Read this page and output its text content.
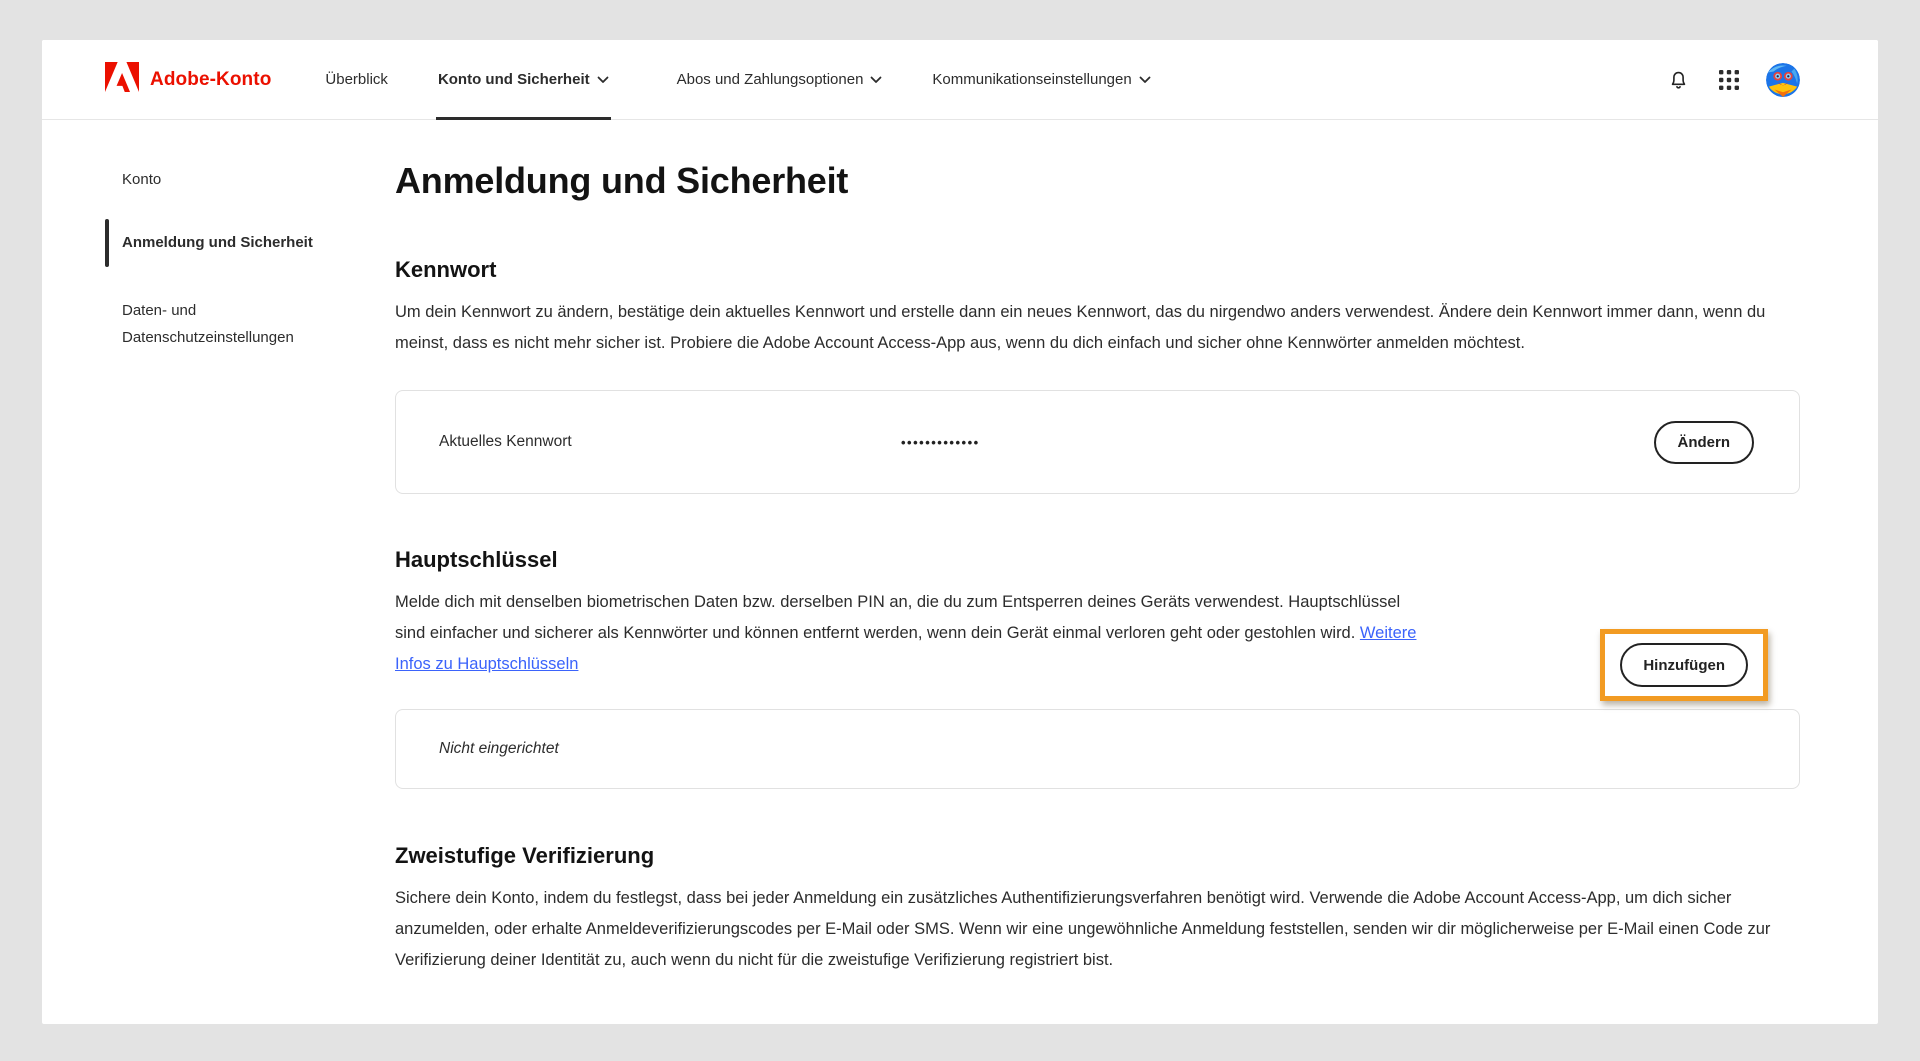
Adobe-Konto	Überblick	Konto und Sicherheit	Abos und Zahlungsoptionen	Kommunikationseinstellungen
Konto
Anmeldung und Sicherheit
Daten- und Datenschutzeinstellungen
Anmeldung und Sicherheit
Kennwort

Um dein Kennwort zu ändern, bestätige dein aktuelles Kennwort und erstelle dann ein neues Kennwort, das du nirgendwo anders verwendest. Ändere dein Kennwort immer dann, wenn du meinst, dass es nicht mehr sicher ist. Probiere die Adobe Account Access-App aus, wenn du dich einfach und sicher ohne Kennwörter anmelden möchtest.

Aktuelles Kennwort	•••••••••••••	Ändern
Hauptschlüssel

Melde dich mit denselben biometrischen Daten bzw. derselben PIN an, die du zum Entsperren deines Geräts verwendest. Hauptschlüssel sind einfacher und sicherer als Kennwörter und können entfernt werden, wenn dein Gerät einmal verloren geht oder gestohlen wird. Weitere Infos zu Hauptschlüsseln	Hinzufügen
Nicht eingerichtet
Zweistufige Verifizierung

Sichere dein Konto, indem du festlegst, dass bei jeder Anmeldung ein zusätzliches Authentifizierungsverfahren benötigt wird. Verwende die Adobe Account Access-App, um dich sicher anzumelden, oder erhalte Anmeldeverifizierungscodes per E-Mail oder SMS. Wenn wir eine ungewöhnliche Anmeldung feststellen, senden wir dir möglicherweise per E-Mail einen Code zur Verifizierung deiner Identität zu, auch wenn du nicht für die zweistufige Verifizierung registriert bist.
